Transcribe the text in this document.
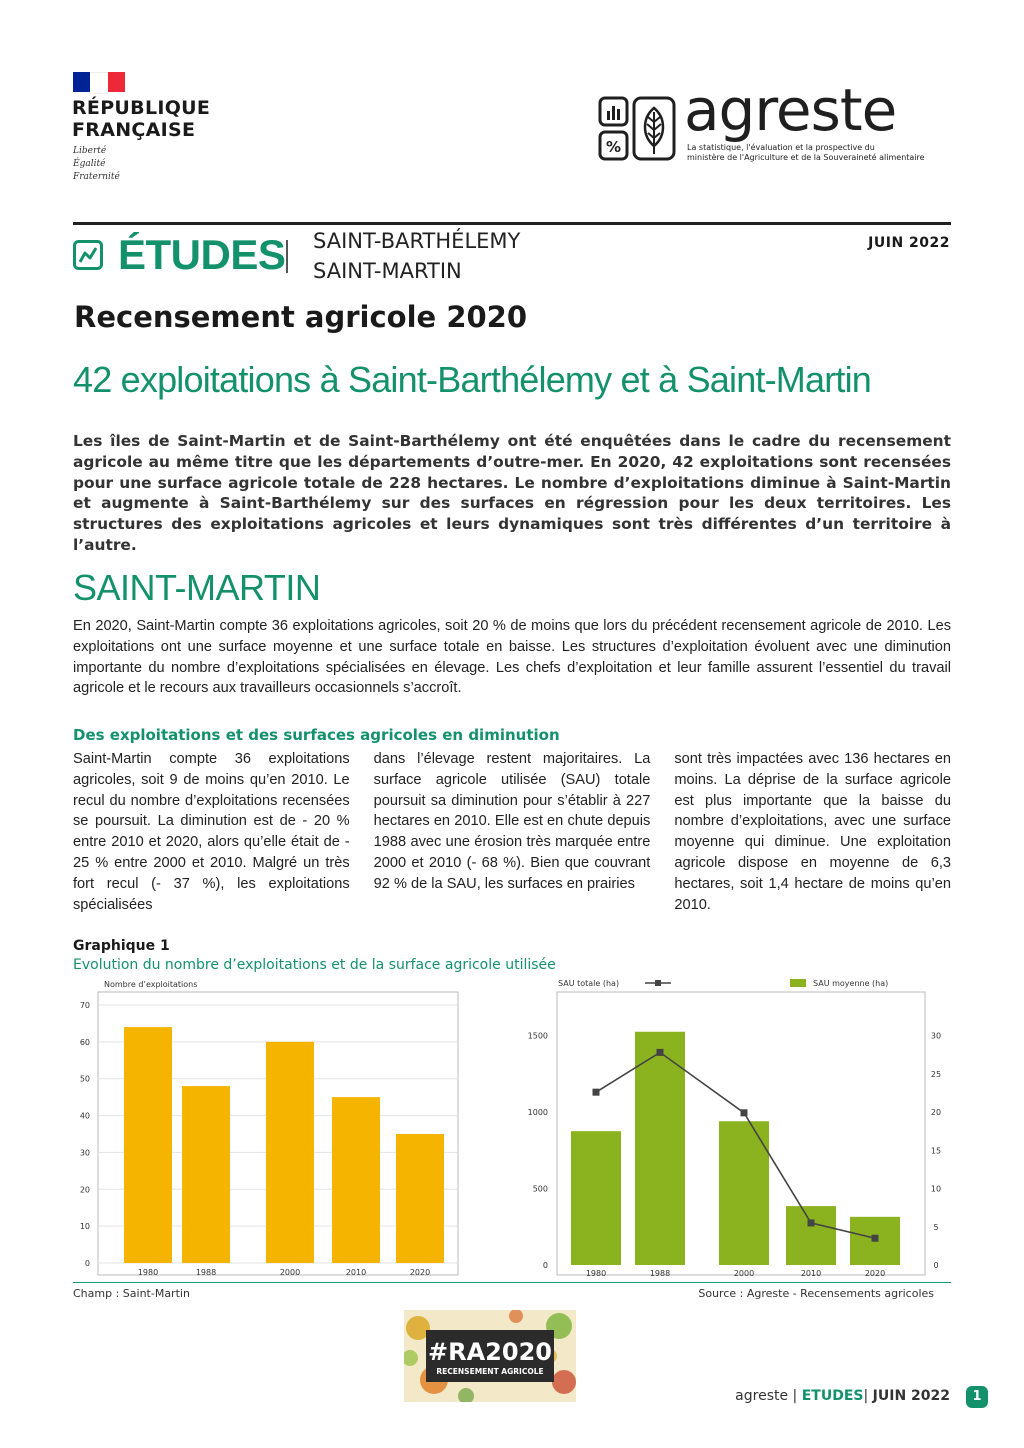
RÉPUBLIQUE
FRANÇAISE
Liberté
Égalité
Fraternité
%
agreste
La statistique, l'évaluation et la prospective du
ministère de l'Agriculture et de la Souveraineté alimentaire
ÉTUDES SAINT-BARTHÉLEMY
SAINT-MARTIN
JUIN 2022
Recensement agricole 2020
42 exploitations à Saint-Barthélemy et à Saint-Martin
Les îles de Saint-Martin et de Saint-Barthélemy ont été enquêtées dans le cadre du recensement agricole au même titre que les départements d’outre-mer. En 2020, 42 exploitations sont recensées pour une surface agricole totale de 228 hectares. Le nombre d’exploitations diminue à Saint-Martin et augmente à Saint-Barthélemy sur des surfaces en régression pour les deux territoires. Les structures des exploitations agricoles et leurs dynamiques sont très différentes d’un territoire à l’autre.
SAINT-MARTIN
En 2020, Saint-Martin compte 36 exploitations agricoles, soit 20 % de moins que lors du précédent recensement agricole de 2010. Les exploitations ont une surface moyenne et une surface totale en baisse. Les structures d’exploitation évoluent avec une diminution importante du nombre d’exploitations spécialisées en élevage. Les chefs d’exploitation et leur famille assurent l’essentiel du travail agricole et le recours aux travailleurs occasionnels s’accroît.
Des exploitations et des surfaces agricoles en diminution
Saint-Martin compte 36 exploitations agricoles, soit 9 de moins qu’en 2010. Le recul du nombre d’exploitations recensées se poursuit. La diminution est de - 20 % entre 2010 et 2020, alors qu’elle était de - 25 % entre 2000 et 2010. Malgré un très fort recul (- 37 %), les exploitations spécialisées
dans l’élevage restent majoritaires. La surface agricole utilisée (SAU) totale poursuit sa diminution pour s’établir à 227 hectares en 2010. Elle est en chute depuis 1988 avec une érosion très marquée entre 2000 et 2010 (- 68 %). Bien que couvrant 92 % de la SAU, les surfaces en prairies
sont très impactées avec 136 hectares en moins. La déprise de la surface agricole est plus importante que la baisse du nombre d’exploitations, avec une surface moyenne qui diminue. Une exploitation agricole dispose en moyenne de 6,3 hectares, soit 1,4 hectare de moins qu’en 2010.
Graphique 1
Evolution du nombre d’exploitations et de la surface agricole utilisée
Nombre d’exploitations
0
10
20
30
40
50
60
70
1980	1988	2000	2010	2020
SAU totale (ha)	SAU moyenne (ha)
0
500
1000
1500
0
5
10
15
20
25
30
1980	1988	2000	2010	2020
Champ : Saint-Martin	Source : Agreste - Recensements agricoles
#RA2020
RECENSEMENT AGRICOLE
agreste | ETUDES| JUIN 2022	1
